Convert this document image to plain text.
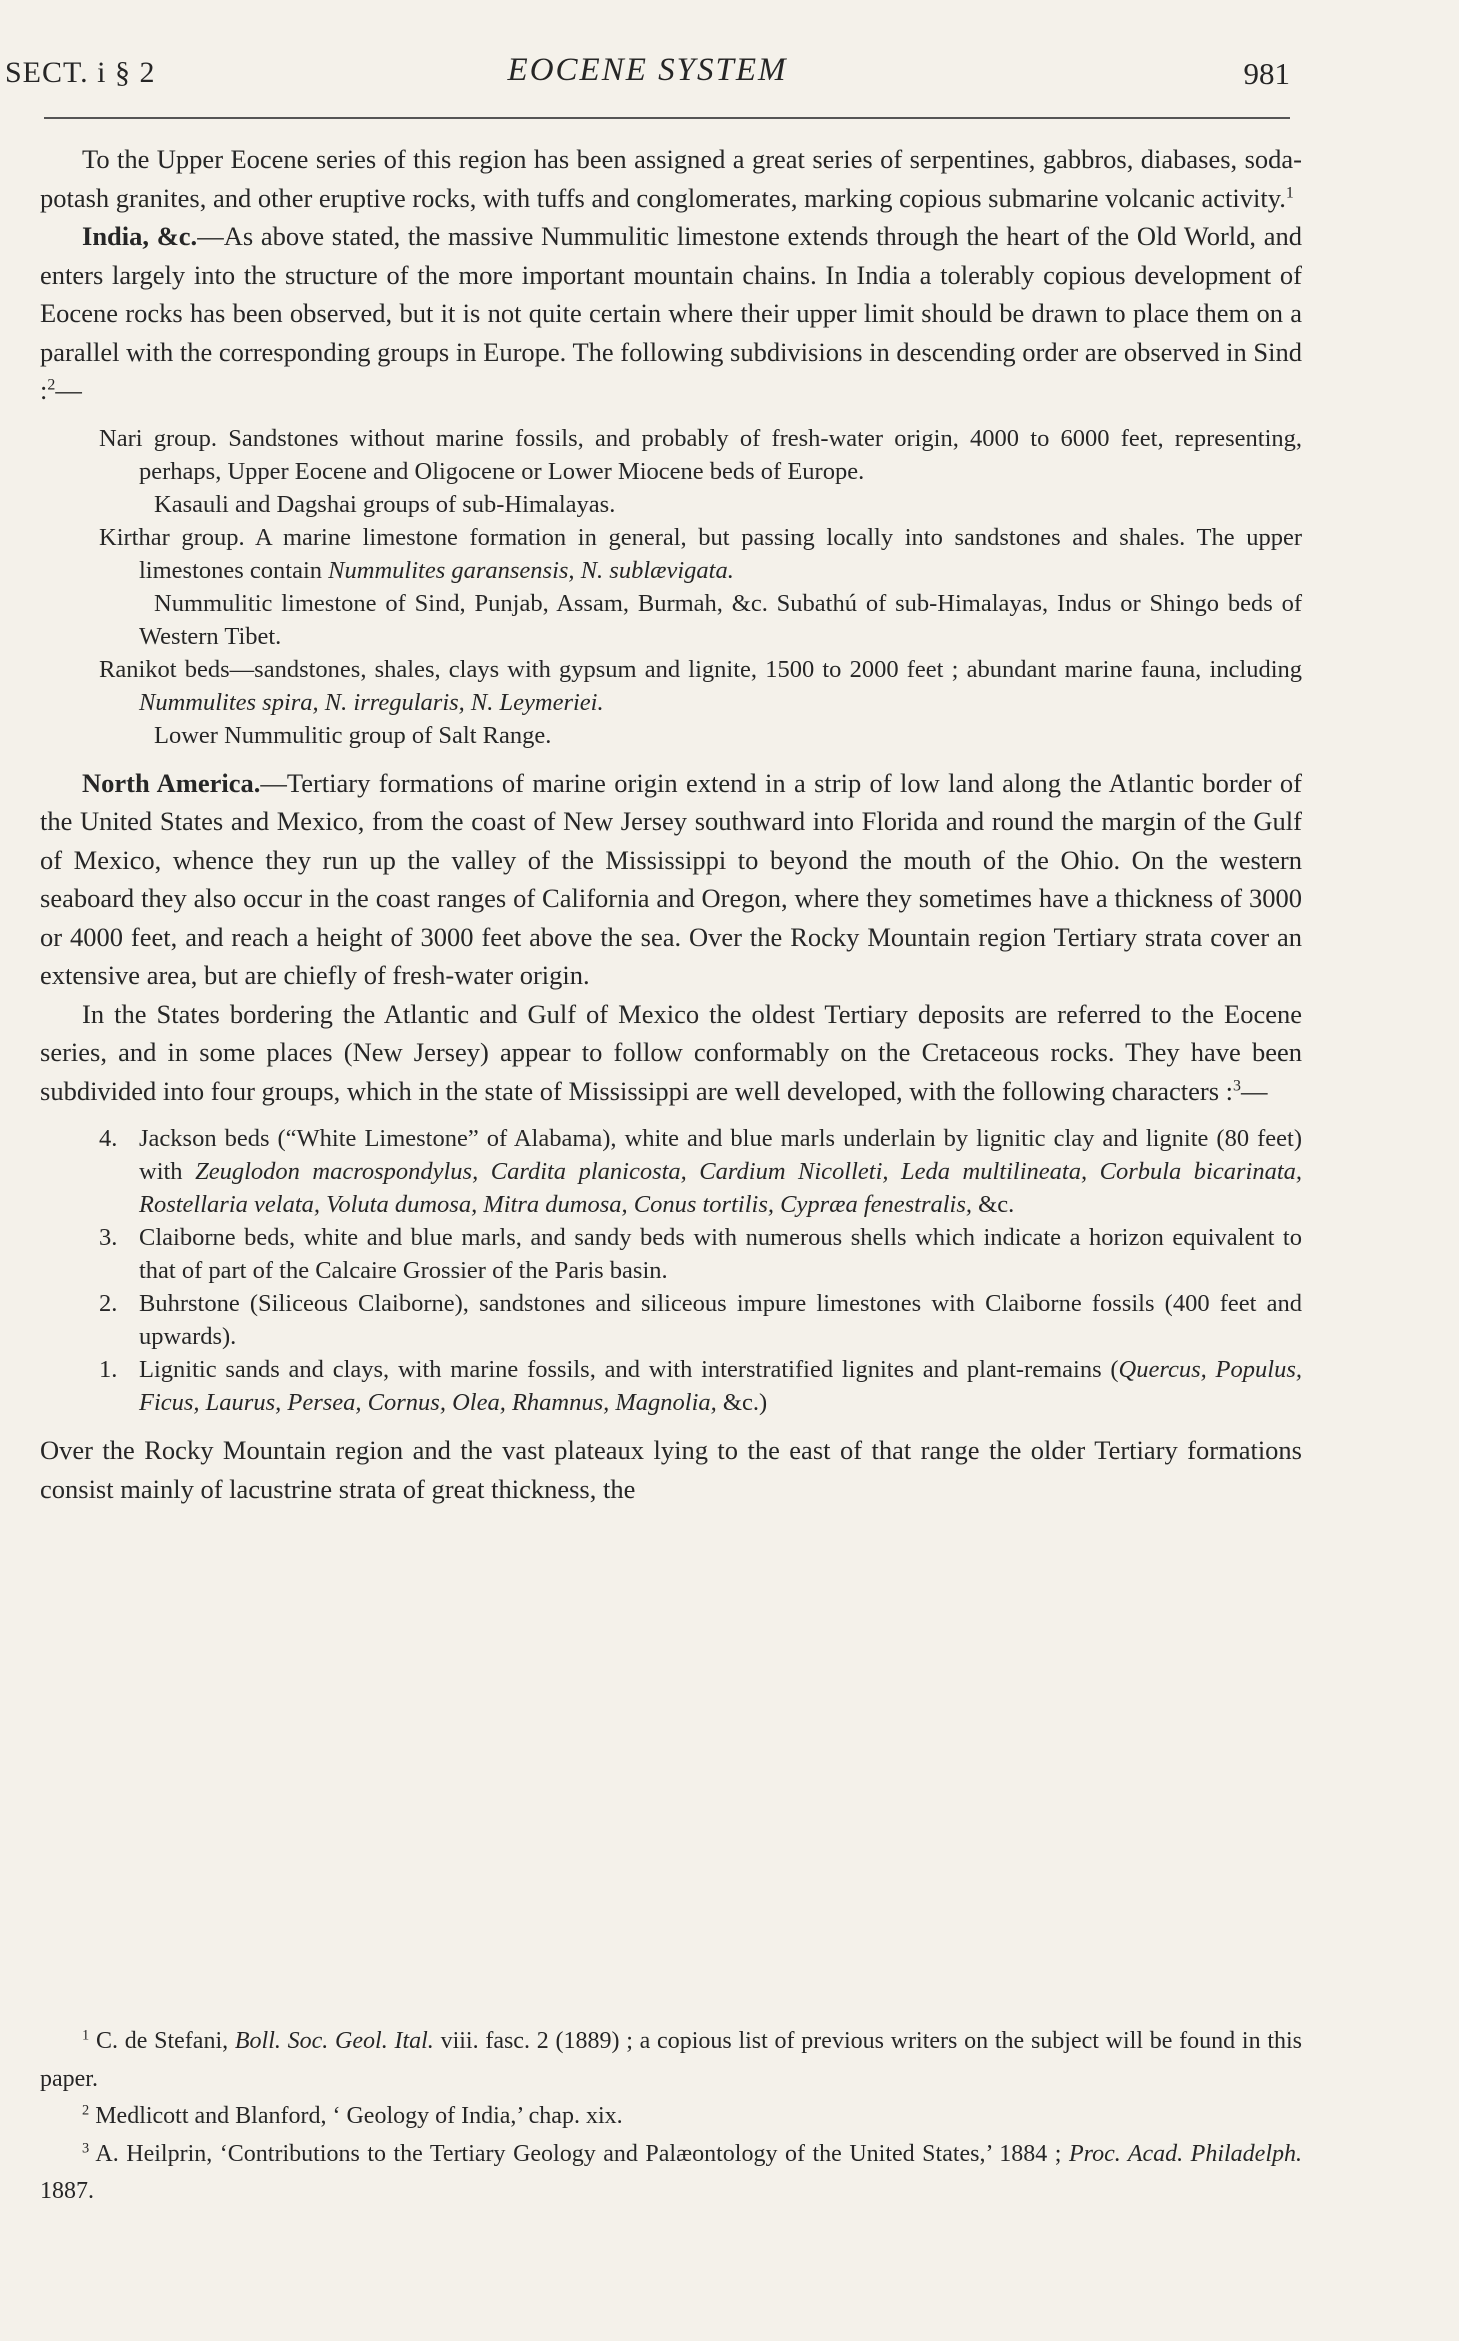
SECT. i § 2	EOCENE SYSTEM	981

To the Upper Eocene series of this region has been assigned a great series of serpentines, gabbros, diabases, soda-potash granites, and other eruptive rocks, with tuffs and conglomerates, marking copious submarine volcanic activity.$^1$

India, &c.—As above stated, the massive Nummulitic limestone extends through the heart of the Old World, and enters largely into the structure of the more important mountain chains. In India a tolerably copious development of Eocene rocks has been observed, but it is not quite certain where their upper limit should be drawn to place them on a parallel with the corresponding groups in Europe. The following subdivisions in descending order are observed in Sind :$^2$—

Nari group. Sandstones without marine fossils, and probably of fresh-water origin, 4000 to 6000 feet, representing, perhaps, Upper Eocene and Oligocene or Lower Miocene beds of Europe.

Kasauli and Dagshai groups of sub-Himalayas.

Kirthar group. A marine limestone formation in general, but passing locally into sandstones and shales. The upper limestones contain Nummulites garansensis, N. sublævigata.

Nummulitic limestone of Sind, Punjab, Assam, Burmah, &c. Subathú of sub-Himalayas, Indus or Shingo beds of Western Tibet.

Ranikot beds—sandstones, shales, clays with gypsum and lignite, 1500 to 2000 feet ; abundant marine fauna, including Nummulites spira, N. irregularis, N. Leymeriei.

Lower Nummulitic group of Salt Range.

North America.—Tertiary formations of marine origin extend in a strip of low land along the Atlantic border of the United States and Mexico, from the coast of New Jersey southward into Florida and round the margin of the Gulf of Mexico, whence they run up the valley of the Mississippi to beyond the mouth of the Ohio. On the western seaboard they also occur in the coast ranges of California and Oregon, where they sometimes have a thickness of 3000 or 4000 feet, and reach a height of 3000 feet above the sea. Over the Rocky Mountain region Tertiary strata cover an extensive area, but are chiefly of fresh-water origin.

In the States bordering the Atlantic and Gulf of Mexico the oldest Tertiary deposits are referred to the Eocene series, and in some places (New Jersey) appear to follow conformably on the Cretaceous rocks. They have been subdivided into four groups, which in the state of Mississippi are well developed, with the following characters :$^3$—

4. Jackson beds (“White Limestone” of Alabama), white and blue marls underlain by lignitic clay and lignite (80 feet) with Zeuglodon macrospondylus, Cardita planicosta, Cardium Nicolleti, Leda multilineata, Corbula bicarinata, Rostellaria velata, Voluta dumosa, Mitra dumosa, Conus tortilis, Cypræa fenestralis, &c.

3. Claiborne beds, white and blue marls, and sandy beds with numerous shells which indicate a horizon equivalent to that of part of the Calcaire Grossier of the Paris basin.

2. Buhrstone (Siliceous Claiborne), sandstones and siliceous impure limestones with Claiborne fossils (400 feet and upwards).

1. Lignitic sands and clays, with marine fossils, and with interstratified lignites and plant-remains (Quercus, Populus, Ficus, Laurus, Persea, Cornus, Olea, Rhamnus, Magnolia, &c.)

Over the Rocky Mountain region and the vast plateaux lying to the east of that range the older Tertiary formations consist mainly of lacustrine strata of great thickness, the

$^1$ C. de Stefani, Boll. Soc. Geol. Ital. viii. fasc. 2 (1889) ; a copious list of previous writers on the subject will be found in this paper.

$^2$ Medlicott and Blanford, ‘ Geology of India,’ chap. xix.

$^3$ A. Heilprin, ‘Contributions to the Tertiary Geology and Palæontology of the United States,’ 1884 ; Proc. Acad. Philadelph. 1887.
